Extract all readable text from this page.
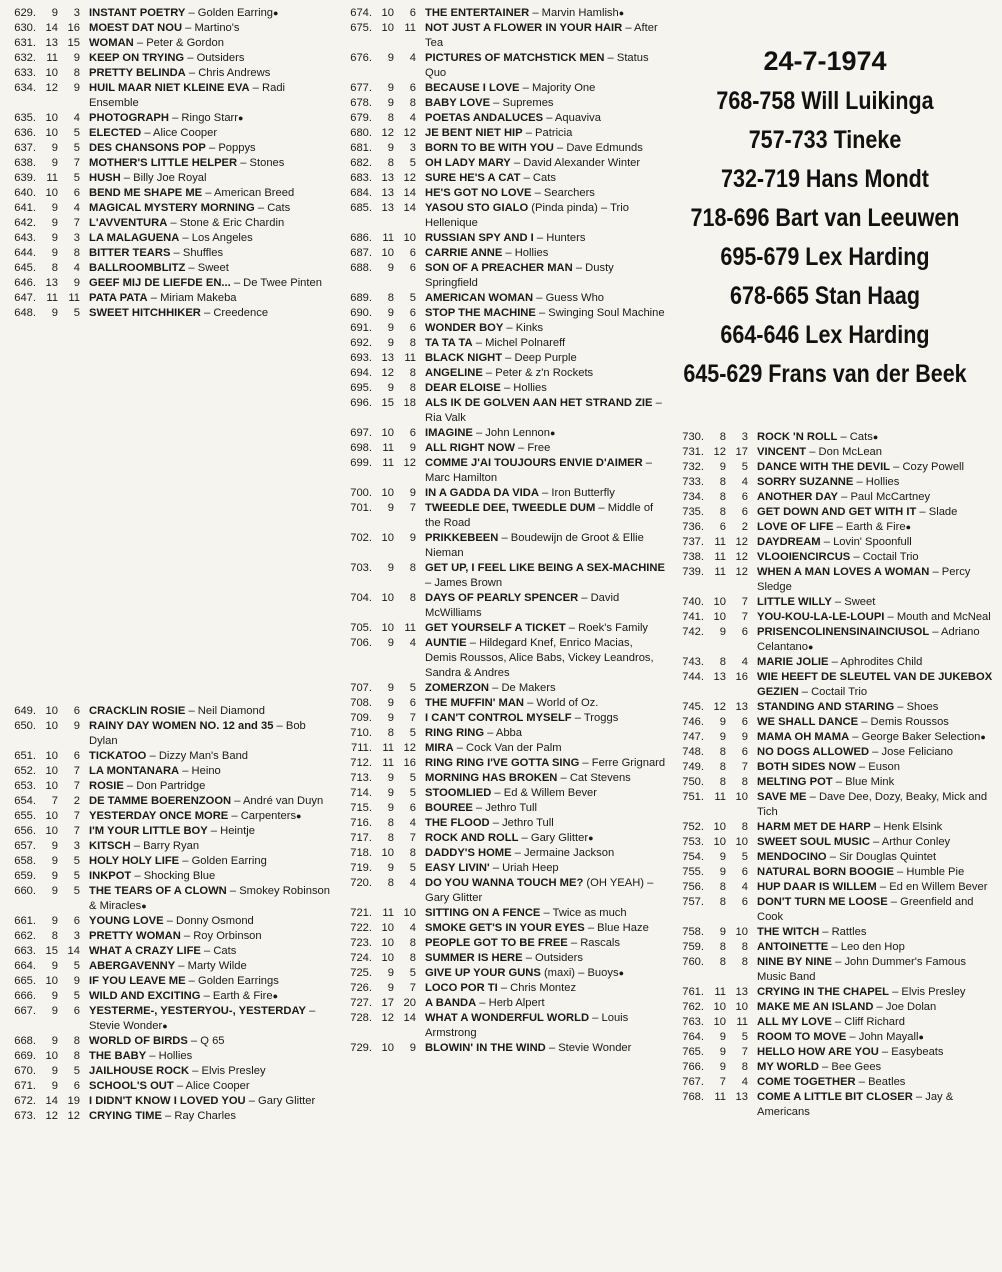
24-7-1974
768-758 Will Luikinga
757-733 Tineke
732-719 Hans Mondt
718-696 Bart van Leeuwen
695-679 Lex Harding
678-665 Stan Haag
664-646 Lex Harding
645-629 Frans van der Beek
629.	9	3 INSTANT POETRY – Golden Earring●
630. 14 16 MOEST DAT NOU – Martino's
631. 13 15 WOMAN – Peter & Gordon
632. 11	9 KEEP ON TRYING – Outsiders
633. 10	8 PRETTY BELINDA – Chris Andrews
634. 12	9 HUIL MAAR NIET KLEINE EVA – Radi Ensemble
635. 10	4 PHOTOGRAPH – Ringo Starr●
636. 10	5 ELECTED – Alice Cooper
637.	9	5 DES CHANSONS POP – Poppys
638.	9	7 MOTHER'S LITTLE HELPER – Stones
639. 11	5 HUSH – Billy Joe Royal
640. 10	6 BEND ME SHAPE ME – American Breed
641.	9	4 MAGICAL MYSTERY MORNING – Cats
642.	9	7 L'AVVENTURA – Stone & Eric Chardin
643.	9	3 LA MALAGUENA – Los Angeles
644.	9	8 BITTER TEARS – Shuffles
645.	8	4 BALLROOMBLITZ – Sweet
646. 13	9 GEEF MIJ DE LIEFDE EN... – De Twee Pinten
647. 11 11 PATA PATA – Miriam Makeba
648.	9	5 SWEET HITCHHIKER – Creedence
649. 10	6 CRACKLIN ROSIE – Neil Diamond
650. 10	9 RAINY DAY WOMEN NO. 12 and 35 – Bob Dylan
651. 10	6 TICKATOO – Dizzy Man's Band
652. 10	7 LA MONTANARA – Heino
653. 10	7 ROSIE – Don Partridge
654.	7	2 DE TAMME BOERENZOON – André van Duyn
655. 10	7 YESTERDAY ONCE MORE – Carpenters●
656. 10	7 I'M YOUR LITTLE BOY – Heintje
657.	9	3 KITSCH – Barry Ryan
658.	9	5 HOLY HOLY LIFE – Golden Earring
659.	9	5 INKPOT – Shocking Blue
660.	9	5 THE TEARS OF A CLOWN – Smokey Robinson & Miracles●
661.	9	6 YOUNG LOVE – Donny Osmond
662.	8	3 PRETTY WOMAN – Roy Orbinson
663. 15 14 WHAT A CRAZY LIFE – Cats
664.	9	5 ABERGAVENNY – Marty Wilde
665. 10	9 IF YOU LEAVE ME – Golden Earrings
666.	9	5 WILD AND EXCITING – Earth & Fire●
667.	9	6 YESTERME-, YESTERYOU-, YESTERDAY – Stevie Wonder●
668.	9	8 WORLD OF BIRDS – Q 65
669. 10	8 THE BABY – Hollies
670.	9	5 JAILHOUSE ROCK – Elvis Presley
671.	9	6 SCHOOL'S OUT – Alice Cooper
672. 14 19 I DIDN'T KNOW I LOVED YOU – Gary Glitter
673. 12 12 CRYING TIME – Ray Charles
674. 10	6 THE ENTERTAINER – Marvin Hamlish●
675. 10 11 NOT JUST A FLOWER IN YOUR HAIR – After Tea
676.	9	4 PICTURES OF MATCHSTICK MEN – Status Quo
677.	9	6 BECAUSE I LOVE – Majority One
678.	9	8 BABY LOVE – Supremes
679.	8	4 POETAS ANDALUCES – Aquaviva
680. 12 12 JE BENT NIET HIP – Patricia
681.	9	3 BORN TO BE WITH YOU – Dave Edmunds
682.	8	5 OH LADY MARY – David Alexander Winter
683. 13 12 SURE HE'S A CAT – Cats
684. 13 14 HE'S GOT NO LOVE – Searchers
685. 13 14 YASOU STO GIALO (Pinda pinda) – Trio Hellenique
686. 11 10 RUSSIAN SPY AND I – Hunters
687. 10	6 CARRIE ANNE – Hollies
688.	9	6 SON OF A PREACHER MAN – Dusty Springfield
689.	8	5 AMERICAN WOMAN – Guess Who
690.	9	6 STOP THE MACHINE – Swinging Soul Machine
691.	9	6 WONDER BOY – Kinks
692.	9	8 TA TA TA – Michel Polnareff
693. 13 11 BLACK NIGHT – Deep Purple
694. 12	8 ANGELINE – Peter & z'n Rockets
695.	9	8 DEAR ELOISE – Hollies
696. 15 18 ALS IK DE GOLVEN AAN HET STRAND ZIE – Ria Valk
697. 10	6 IMAGINE – John Lennon●
698. 11	9 ALL RIGHT NOW – Free
699. 11 12 COMME J'AI TOUJOURS ENVIE D'AIMER – Marc Hamilton
700. 10	9 IN A GADDA DA VIDA – Iron Butterfly
701.	9	7 TWEEDLE DEE, TWEEDLE DUM – Middle of the Road
702. 10	9 PRIKKEBEEN – Boudewijn de Groot & Ellie Nieman
703.	9	8 GET UP, I FEEL LIKE BEING A SEX-MACHINE – James Brown
704. 10	8 DAYS OF PEARLY SPENCER – David McWilliams
705. 10 11 GET YOURSELF A TICKET – Roek's Family
706.	9	4 AUNTIE – Hildegard Knef, Enrico Macias, Demis Roussos, Alice Babs, Vickey Leandros, Sandra & Andres
707.	9	5 ZOMERZON – De Makers
708.	9	6 THE MUFFIN' MAN – World of Oz.
709.	9	7 I CAN'T CONTROL MYSELF – Troggs
710.	8	5 RING RING – Abba
711. 11 12 MIRA – Cock Van der Palm
712. 11 16 RING RING I'VE GOTTA SING – Ferre Grignard
713.	9	5 MORNING HAS BROKEN – Cat Stevens
714.	9	5 STOOMLIED – Ed & Willem Bever
715.	9	6 BOUREE – Jethro Tull
716.	8	4 THE FLOOD – Jethro Tull
717.	8	7 ROCK AND ROLL – Gary Glitter●
718. 10	8 DADDY'S HOME – Jermaine Jackson
719.	9	5 EASY LIVIN' – Uriah Heep
720.	8	4 DO YOU WANNA TOUCH ME? (OH YEAH) – Gary Glitter
721. 11 10 SITTING ON A FENCE – Twice as much
722. 10	4 SMOKE GET'S IN YOUR EYES – Blue Haze
723. 10	8 PEOPLE GOT TO BE FREE – Rascals
724. 10	8 SUMMER IS HERE – Outsiders
725.	9	5 GIVE UP YOUR GUNS (maxi) – Buoys●
726.	9	7 LOCO POR TI – Chris Montez
727. 17 20 A BANDA – Herb Alpert
728. 12 14 WHAT A WONDERFUL WORLD – Louis Armstrong
729. 10	9 BLOWIN' IN THE WIND – Stevie Wonder
730.	8	3 ROCK 'N ROLL – Cats●
731. 12 17 VINCENT – Don McLean
732.	9	5 DANCE WITH THE DEVIL – Cozy Powell
733.	8	4 SORRY SUZANNE – Hollies
734.	8	6 ANOTHER DAY – Paul McCartney
735.	8	6 GET DOWN AND GET WITH IT – Slade
736.	6	2 LOVE OF LIFE – Earth & Fire●
737. 11 12 DAYDREAM – Lovin' Spoonfull
738. 11 12 VLOOIENCIRCUS – Coctail Trio
739. 11 12 WHEN A MAN LOVES A WOMAN – Percy Sledge
740. 10	7 LITTLE WILLY – Sweet
741. 10	7 YOU-KOU-LA-LE-LOUPI – Mouth and McNeal
742.	9	6 PRISENCOLINENSINAINCIUSOL – Adriano Celantano●
743.	8	4 MARIE JOLIE – Aphrodites Child
744. 13 16 WIE HEEFT DE SLEUTEL VAN DE JUKEBOX GEZIEN – Coctail Trio
745. 12 13 STANDING AND STARING – Shoes
746.	9	6 WE SHALL DANCE – Demis Roussos
747.	9	9 MAMA OH MAMA – George Baker Selection●
748.	8	6 NO DOGS ALLOWED – Jose Feliciano
749.	8	7 BOTH SIDES NOW – Euson
750.	8	8 MELTING POT – Blue Mink
751. 11 10 SAVE ME – Dave Dee, Dozy, Beaky, Mick and Tich
752. 10	8 HARM MET DE HARP – Henk Elsink
753. 10 10 SWEET SOUL MUSIC – Arthur Conley
754.	9	5 MENDOCINO – Sir Douglas Quintet
755.	9	6 NATURAL BORN BOOGIE – Humble Pie
756.	8	4 HUP DAAR IS WILLEM – Ed en Willem Bever
757.	8	6 DON'T TURN ME LOOSE – Greenfield and Cook
758.	9 10 THE WITCH – Rattles
759.	8	8 ANTOINETTE – Leo den Hop
760.	8	8 NINE BY NINE – John Dummer's Famous Music Band
761. 11 13 CRYING IN THE CHAPEL – Elvis Presley
762. 10 10 MAKE ME AN ISLAND – Joe Dolan
763. 10 11 ALL MY LOVE – Cliff Richard
764.	9	5 ROOM TO MOVE – John Mayall●
765.	9	7 HELLO HOW ARE YOU – Easybeats
766.	9	8 MY WORLD – Bee Gees
767.	7	4 COME TOGETHER – Beatles
768. 11 13 COME A LITTLE BIT CLOSER – Jay & Americans
